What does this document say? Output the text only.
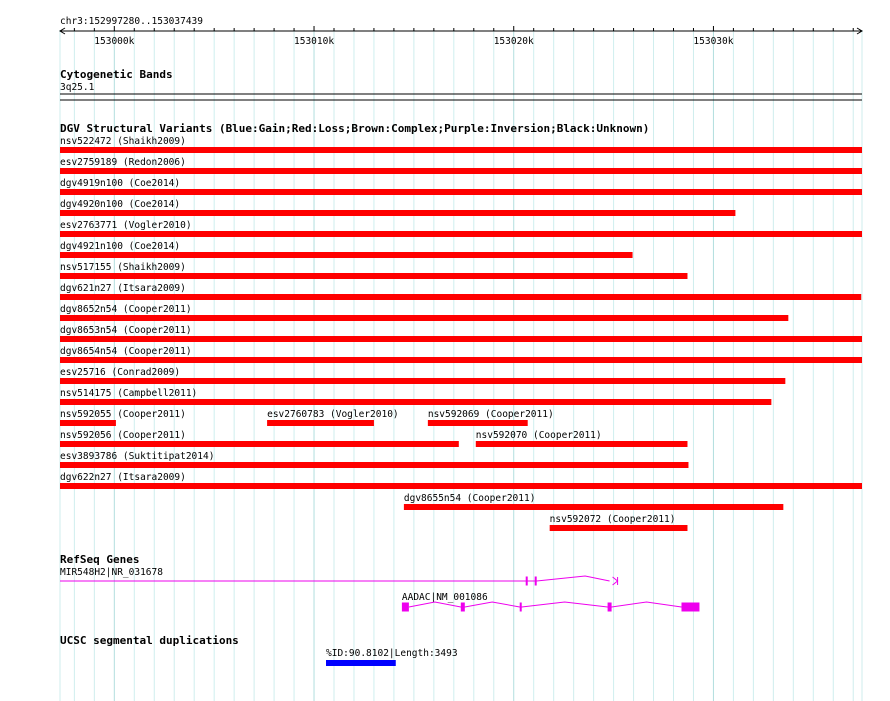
chr3:152997280..153037439
153000k	153010k	153020k	153030k
Cytogenetic Bands
3q25.1
DGV Structural Variants (Blue:Gain;Red:Loss;Brown:Complex;Purple:Inversion;Black:Unknown)
nsv522472 (Shaikh2009)
esv2759189 (Redon2006)
dgv4919n100 (Coe2014)
dgv4920n100 (Coe2014)
esv2763771 (Vogler2010)
dgv4921n100 (Coe2014)
nsv517155 (Shaikh2009)
dgv621n27 (Itsara2009)
dgv8652n54 (Cooper2011)
dgv8653n54 (Cooper2011)
dgv8654n54 (Cooper2011)
esv25716 (Conrad2009)
nsv514175 (Campbell2011)
nsv592055 (Cooper2011)	esv2760783 (Vogler2010)	nsv592069 (Cooper2011)
nsv592056 (Cooper2011)	nsv592070 (Cooper2011)
esv3893786 (Suktitipat2014)
dgv622n27 (Itsara2009)
dgv8655n54 (Cooper2011)
nsv592072 (Cooper2011)
RefSeq Genes
MIR548H2|NR_031678
AADAC|NM_001086
UCSC segmental duplications
%ID:90.8102|Length:3493
